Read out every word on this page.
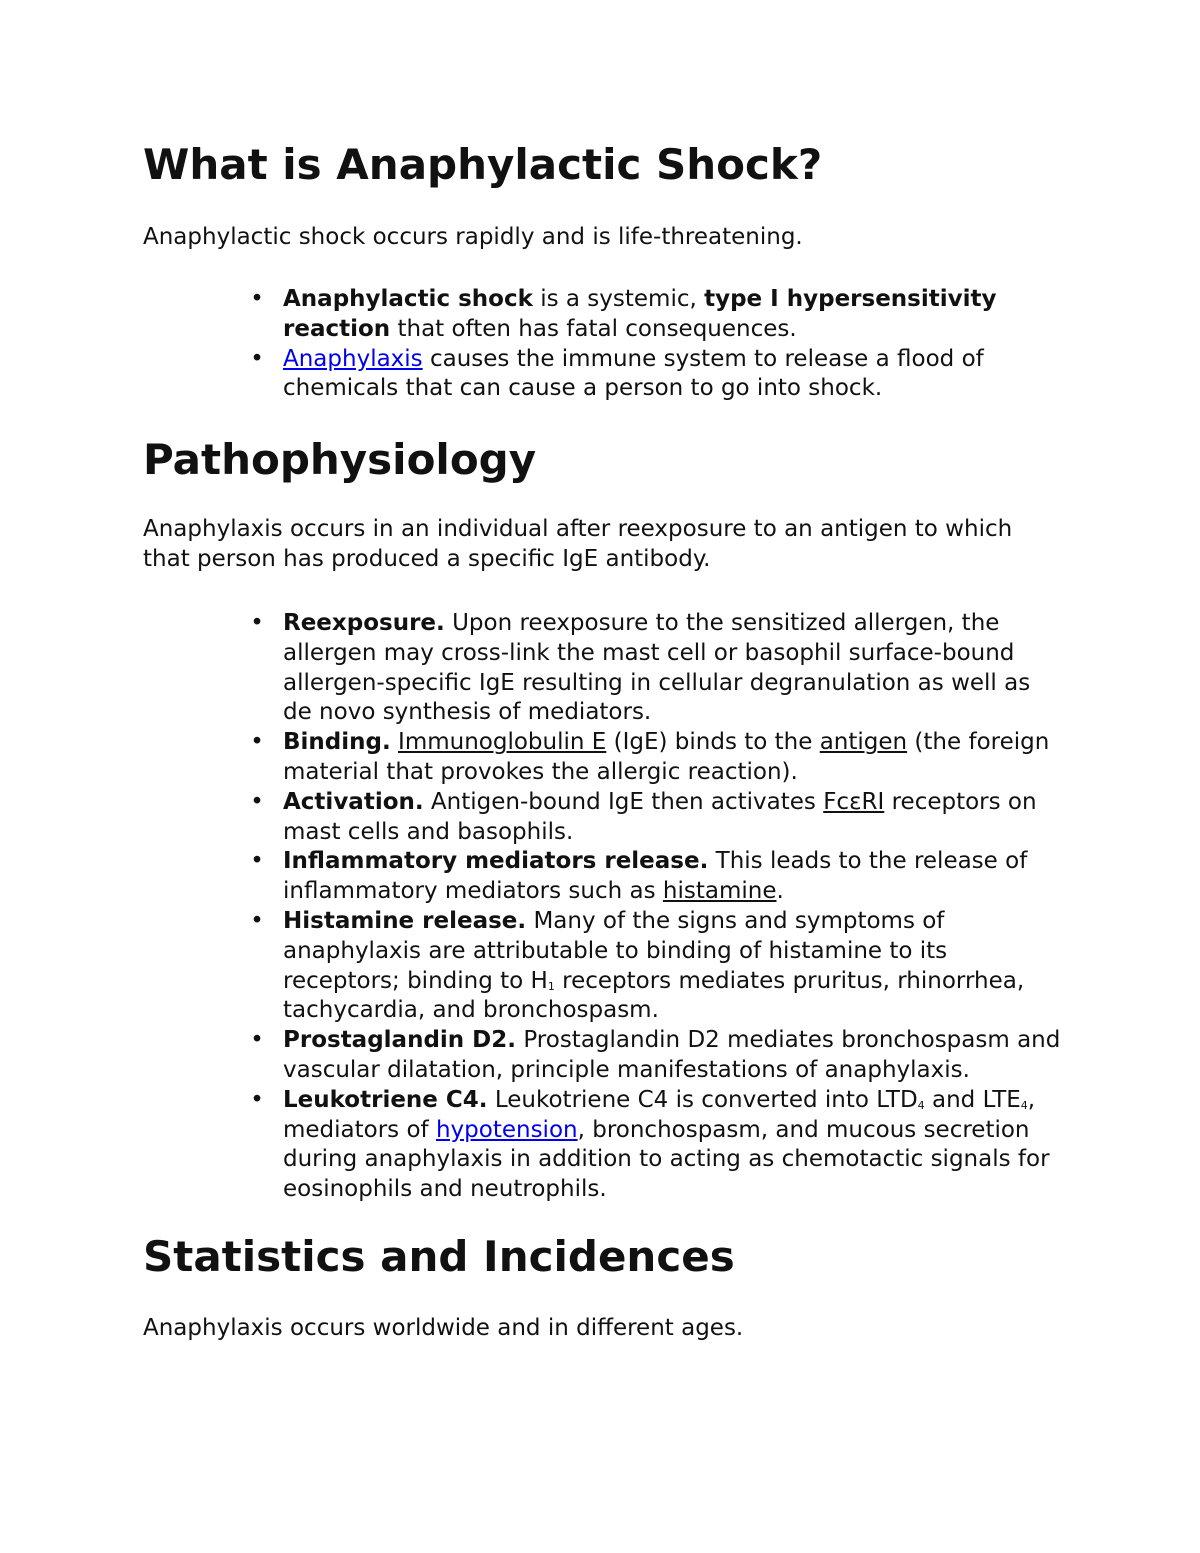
What is Anaphylactic Shock?

Anaphylactic shock occurs rapidly and is life-threatening.

• Anaphylactic shock is a systemic, type I hypersensitivity reaction that often has fatal consequences.
• Anaphylaxis causes the immune system to release a flood of chemicals that can cause a person to go into shock.
Pathophysiology

Anaphylaxis occurs in an individual after reexposure to an antigen to which that person has produced a specific IgE antibody.

• Reexposure. Upon reexposure to the sensitized allergen, the allergen may cross-link the mast cell or basophil surface-bound allergen-specific IgE resulting in cellular degranulation as well as de novo synthesis of mediators.
• Binding. Immunoglobulin E (IgE) binds to the antigen (the foreign material that provokes the allergic reaction).
• Activation. Antigen-bound IgE then activates FcεRI receptors on mast cells and basophils.
• Inflammatory mediators release. This leads to the release of inflammatory mediators such as histamine.
• Histamine release. Many of the signs and symptoms of anaphylaxis are attributable to binding of histamine to its receptors; binding to $H_1$ receptors mediates pruritus, rhinorrhea, tachycardia, and bronchospasm.
• Prostaglandin D2. Prostaglandin D2 mediates bronchospasm and vascular dilatation, principle manifestations of anaphylaxis.
• Leukotriene C4. Leukotriene C4 is converted into $LTD_4$ and $LTE_4$, mediators of hypotension, bronchospasm, and mucous secretion during anaphylaxis in addition to acting as chemotactic signals for eosinophils and neutrophils.
Statistics and Incidences

Anaphylaxis occurs worldwide and in different ages.
